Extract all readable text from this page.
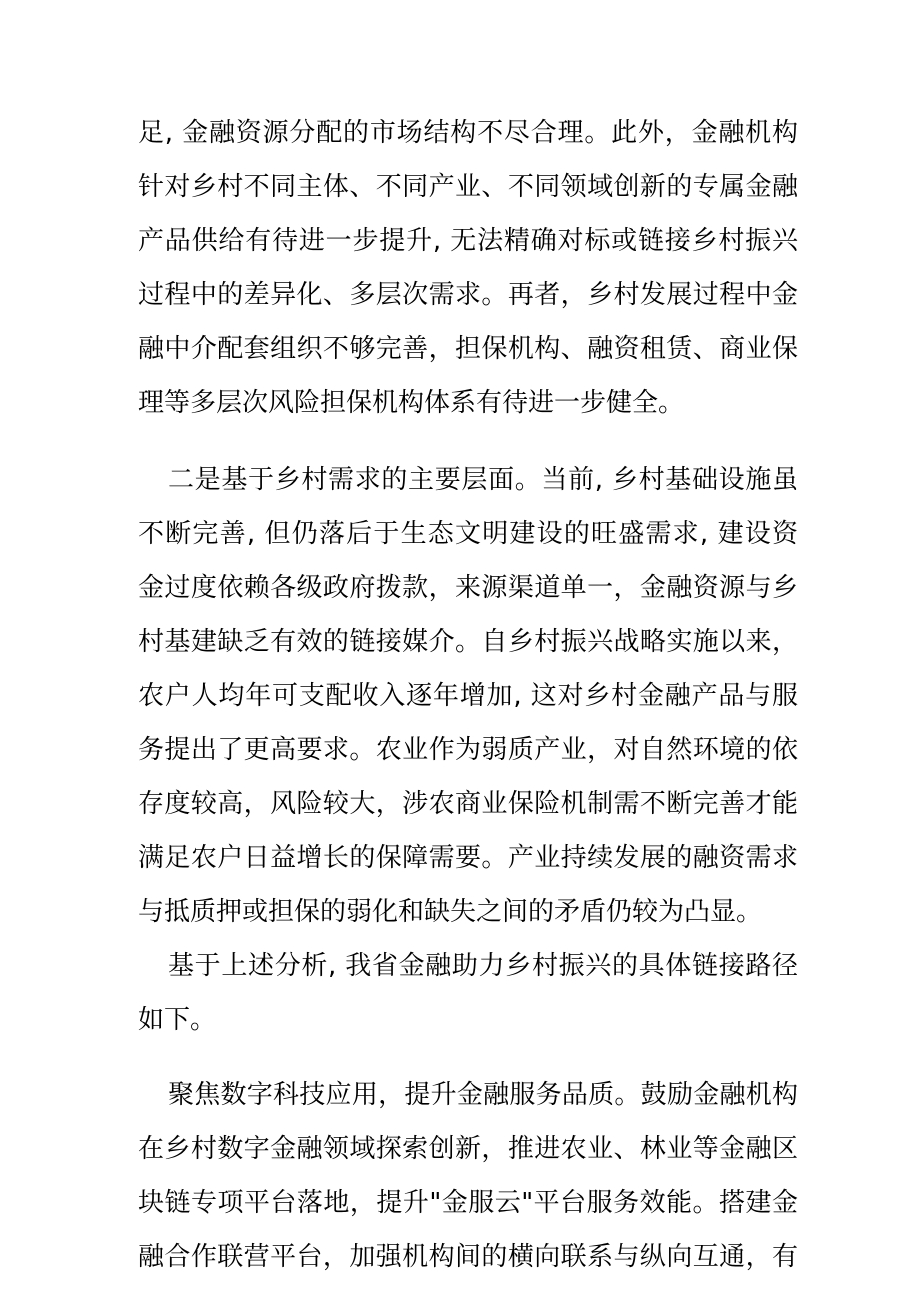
足, 金融资源分配的市场结构不尽合理。此外，金融机构
针对乡村不同主体、不同产业、不同领域创新的专属金融
产品供给有待进一步提升, 无法精确对标或链接乡村振兴
过程中的差异化、多层次需求。再者，乡村发展过程中金
融中介配套组织不够完善，担保机构、融资租赁、商业保
理等多层次风险担保机构体系有待进一步健全。
二是基于乡村需求的主要层面。当前, 乡村基础设施虽
不断完善, 但仍落后于生态文明建设的旺盛需求, 建设资
金过度依赖各级政府拨款，来源渠道单一，金融资源与乡
村基建缺乏有效的链接媒介。自乡村振兴战略实施以来，
农户人均年可支配收入逐年增加, 这对乡村金融产品与服
务提出了更高要求。农业作为弱质产业，对自然环境的依
存度较高，风险较大，涉农商业保险机制需不断完善才能
满足农户日益增长的保障需要。产业持续发展的融资需求
与抵质押或担保的弱化和缺失之间的矛盾仍较为凸显。
基于上述分析, 我省金融助力乡村振兴的具体链接路径
如下。
聚焦数字科技应用，提升金融服务品质。鼓励金融机构
在乡村数字金融领域探索创新，推进农业、林业等金融区
块链专项平台落地，提升"金服云"平台服务效能。搭建金
融合作联营平台，加强机构间的横向联系与纵向互通，有
